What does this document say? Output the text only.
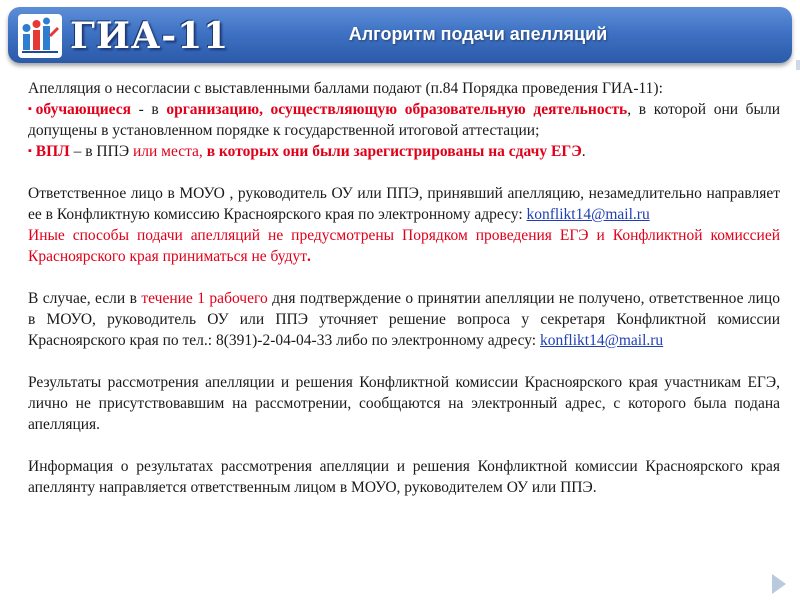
ГИА-11	Алгоритм подачи апелляций

Апелляция о несогласии с выставленными баллами подают (п.84 Порядка проведения ГИА-11):

▪обучающиеся - в организацию, осуществляющую образовательную деятельность, в которой они были допущены в установленном порядке к государственной итоговой аттестации;

▪ ВПЛ – в ППЭ или места, в которых они были зарегистрированы на сдачу ЕГЭ.

Ответственное лицо в МОУО , руководитель ОУ или ППЭ, принявший апелляцию, незамедлительно направляет ее в Конфликтную комиссию Красноярского края по электронному адресу: konflikt14@mail.ru

Иные способы подачи апелляций не предусмотрены Порядком проведения ЕГЭ и Конфликтной комиссией Красноярского края приниматься не будут.

В случае, если в течение 1 рабочего дня подтверждение о принятии апелляции не получено, ответственное лицо в МОУО, руководитель ОУ или ППЭ уточняет решение вопроса у секретаря Конфликтной комиссии Красноярского края по тел.: 8(391)-2-04-04-33 либо по электронному адресу: konflikt14@mail.ru

Результаты рассмотрения апелляции и решения Конфликтной комиссии Красноярского края участникам ЕГЭ, лично не присутствовавшим на рассмотрении, сообщаются на электронный адрес, с которого была подана апелляция.

Информация о результатах рассмотрения апелляции и решения Конфликтной комиссии Красноярского края апеллянту направляется ответственным лицом в МОУО, руководителем ОУ или ППЭ.
